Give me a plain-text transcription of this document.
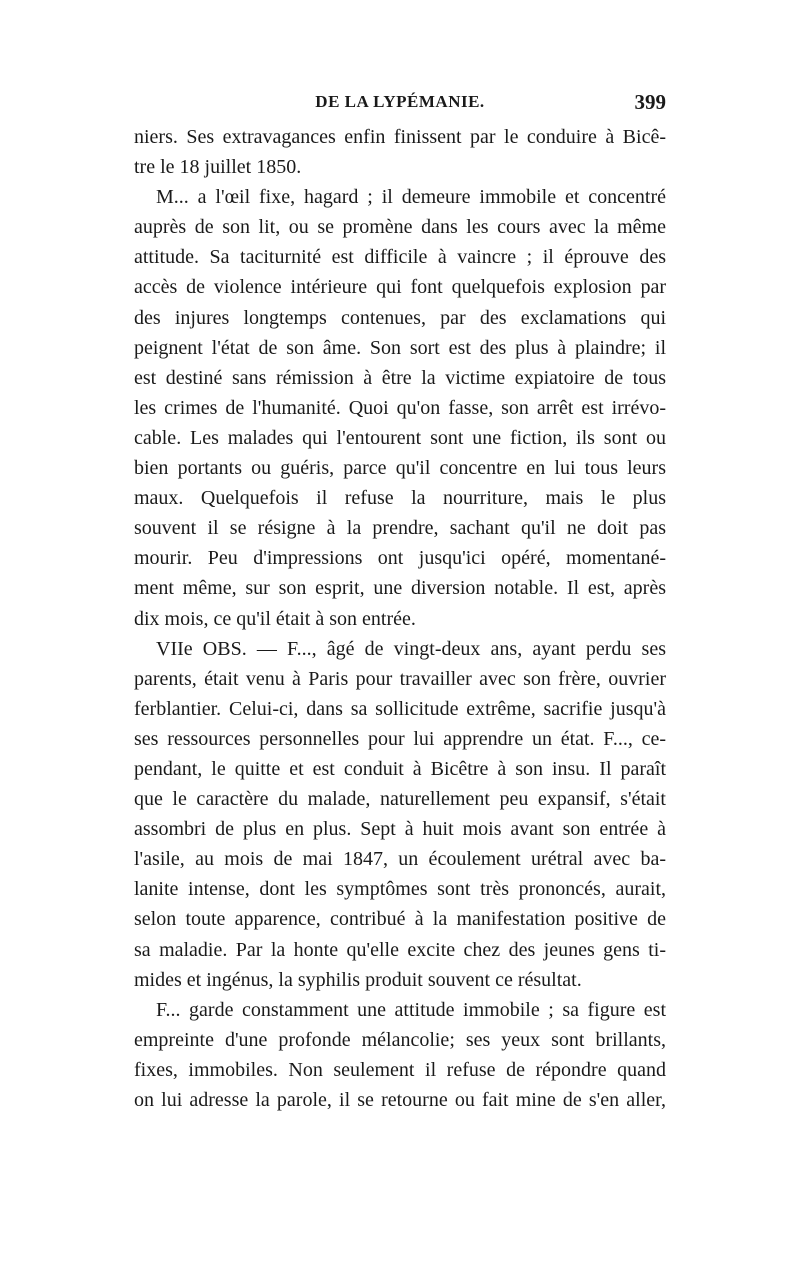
DE LA LYPÉMANIE.	399
niers. Ses extravagances enfin finissent par le conduire à Bicê-
tre le 18 juillet 1850.
M... a l'œil fixe, hagard ; il demeure immobile et concentré
auprès de son lit, ou se promène dans les cours avec la même
attitude. Sa taciturnité est difficile à vaincre ; il éprouve des
accès de violence intérieure qui font quelquefois explosion par
des injures longtemps contenues, par des exclamations qui
peignent l'état de son âme. Son sort est des plus à plaindre; il
est destiné sans rémission à être la victime expiatoire de tous
les crimes de l'humanité. Quoi qu'on fasse, son arrêt est irrévo-
cable. Les malades qui l'entourent sont une fiction, ils sont ou
bien portants ou guéris, parce qu'il concentre en lui tous leurs
maux. Quelquefois il refuse la nourriture, mais le plus
souvent il se résigne à la prendre, sachant qu'il ne doit pas
mourir. Peu d'impressions ont jusqu'ici opéré, momentané-
ment même, sur son esprit, une diversion notable. Il est, après
dix mois, ce qu'il était à son entrée.
VIIe OBS. — F..., âgé de vingt-deux ans, ayant perdu ses
parents, était venu à Paris pour travailler avec son frère, ouvrier
ferblantier. Celui-ci, dans sa sollicitude extrême, sacrifie jusqu'à
ses ressources personnelles pour lui apprendre un état. F..., ce-
pendant, le quitte et est conduit à Bicêtre à son insu. Il paraît
que le caractère du malade, naturellement peu expansif, s'était
assombri de plus en plus. Sept à huit mois avant son entrée à
l'asile, au mois de mai 1847, un écoulement urétral avec ba-
lanite intense, dont les symptômes sont très prononcés, aurait,
selon toute apparence, contribué à la manifestation positive de
sa maladie. Par la honte qu'elle excite chez des jeunes gens ti-
mides et ingénus, la syphilis produit souvent ce résultat.
F... garde constamment une attitude immobile ; sa figure est
empreinte d'une profonde mélancolie; ses yeux sont brillants,
fixes, immobiles. Non seulement il refuse de répondre quand
on lui adresse la parole, il se retourne ou fait mine de s'en aller,
